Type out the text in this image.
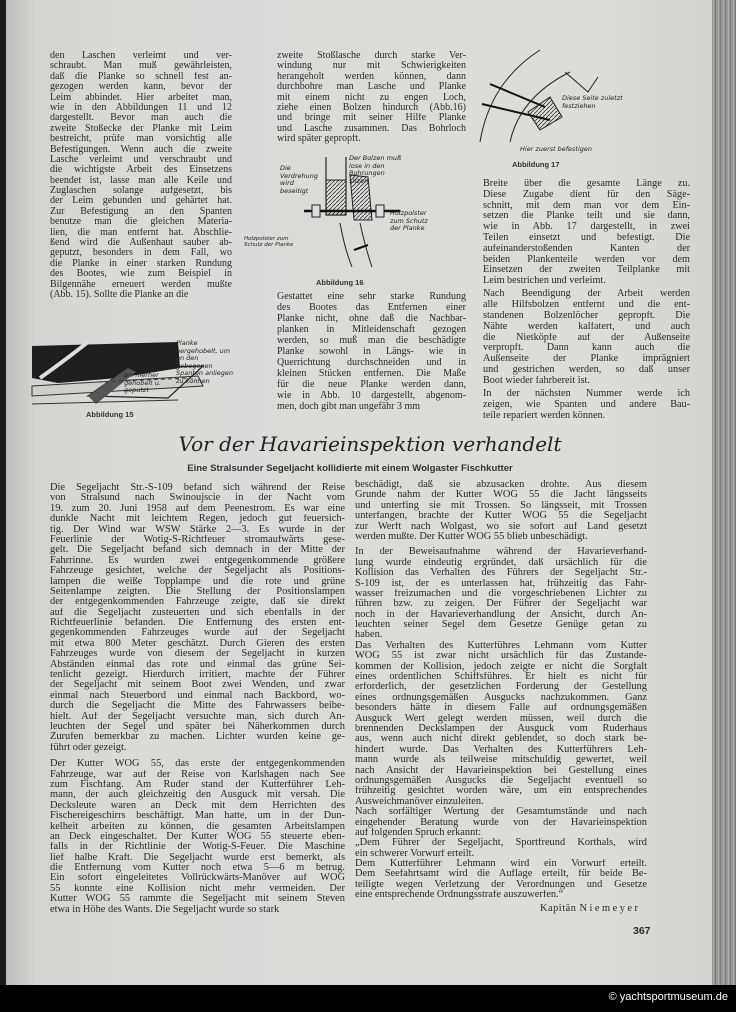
© yachtsportmuseum.de
den Laschen verleimt und ver-
schraubt. Man muß gewährleisten,
daß die Planke so schnell fest an-
gezogen werden kann, bevor der
Leim abbindet. Hier arbeitet man,
wie in den Abbildungen 11 und 12
dargestellt. Bevor man auch die
zweite Stoßecke der Planke mit Leim
bestreicht, prüfe man vorsichtig alle
Befestigungen. Wenn auch die zweite
Lasche verleimt und verschraubt und
die wichtigste Arbeit des Einsetzens
beendet ist, lasse man alle Keile und
Zuglaschen solange aufgesetzt, bis
der Leim gebunden und gehärtet hat.
Zur Befestigung an den Spanten
benutze man die gleichen Materia-
lien, die man entfernt hat. Abschlie-
ßend wird die Außenhaut sauber ab-
geputzt, besonders in dem Fall, wo
die Planke in einer starken Rundung
des Bootes, wie zum Beispiel in
Bilgennähe erneuert werden mußte
(Abb. 15). Sollte die Planke an die
zweite Stoßlasche durch starke Ver-
windung nur mit Schwierigkeiten
herangeholt werden können, dann
durchbohre man Lasche und Planke
mit einem nicht zu engen Loch,
ziehe einen Bolzen hindurch (Abb.16)
und bringe mit seiner Hilfe Planke
und Lasche zusammen. Das Bohrloch
wird später gepropft.
Gestattet eine sehr starke Rundung
des Bootes das Entfernen einer
Planke nicht, ohne daß die Nachbar-
planken in Mitleidenschaft gezogen
werden, so muß man die beschädigte
Planke sowohl in Längs- wie in
Querrichtung durchschneiden und in
kleinen Stücken entfernen. Die Maße
für die neue Planke werden dann,
wie in Abb. 10 dargestellt, abgenom-
men, doch gibt man ungefähr 3 mm
Breite über die gesamte Länge zu.
Diese Zugabe dient für den Säge-
schnitt, mit dem man vor dem Ein-
setzen die Planke teilt und sie dann,
wie in Abb. 17 dargestellt, in zwei
Teilen einsetzt und befestigt. Die
aufeinanderstoßenden Kanten der
beiden Plankenteile werden vor dem
Einsetzen der zweiten Teilplanke mit
Leim bestrichen und verleimt.
Nach Beendigung der Arbeit werden
alle Hilfsbolzen entfernt und die ent-
standenen Bolzenlöcher gepropft. Die
Nähte werden kalfatert, und auch
die Nietköpfe auf der Außenseite
verpropft. Dann kann auch die
Außenseite der Planke imprägniert
und gestrichen werden, so daß unser
Boot wieder fahrbereit ist.
In der nächsten Nummer werde ich
zeigen, wie Spanten und andere Bau-
teile repariert werden können.
Planke hergehobelt, um an den gebogenen Spanten anliegen zu können
bis hierher gehobelt u. geputzt
Abbildung 15
Die Verdrehung wird beseitigt
Der Bolzen muß lose in den Bohrungen sitzen
Holzpolster zum Schutz der Planke
Holzpolster zum Schutz der Planke
Abbildung 16
Diese Seite zuletzt festziehen
Hier zuerst befestigen
Abbildung 17
Vor der Havarieinspektion verhandelt
Eine Stralsunder Segeljacht kollidierte mit einem Wolgaster Fischkutter
Die Segeljacht Str.-S-109 befand sich während der Reise
von Stralsund nach Swinoujscie in der Nacht vom
19. zum 20. Juni 1958 auf dem Peenestrom. Es war eine
dunkle Nacht mit leichtem Regen, jedoch gut feuersich-
tig. Der Wind war WSW Stärke 2—3. Es wurde in der
Feuerlinie der Wotig-S-Richtfeuer stromaufwärts gese-
gelt. Die Segeljacht befand sich demnach in der Mitte der
Fahrrinne. Es wurden zwei entgegenkommende größere
Fahrzeuge gesichtet, welche der Segeljacht als Positions-
lampen die weiße Topplampe und die rote und grüne
Seitenlampe zeigten. Die Stellung der Positionslampen
der entgegenkommenden Fahrzeuge zeigte, daß sie direkt
auf die Segeljacht zusteuerten und sich ebenfalls in der
Richtfeuerlinie befanden. Die Entfernung des ersten ent-
gegenkommenden Fahrzeuges wurde auf der Segeljacht
mit etwa 800 Meter geschätzt. Durch Gieren des ersten
Fahrzeuges wurde von diesem der Segeljacht in kurzen
Abständen einmal das rote und einmal das grüne Sei-
tenlicht gezeigt. Hierdurch irritiert, machte der Führer
der Segeljacht mit seinem Boot zwei Wenden, und zwar
einmal nach Steuerbord und einmal nach Backbord, wo-
durch die Segeljacht die Mitte des Fahrwassers beibe-
hielt. Auf der Segeljacht versuchte man, sich durch An-
leuchten der Segel und später bei Näherkommen durch
Zurufen bemerkbar zu machen. Lichter wurden keine ge-
führt oder gezeigt.
Der Kutter WOG 55, das erste der entgegenkommenden
Fahrzeuge, war auf der Reise von Karlshagen nach See
zum Fischfang. Am Ruder stand der Kutterführer Leh-
mann, der auch gleichzeitig den Ausguck mit versah. Die
Decksleute waren an Deck mit dem Herrichten des
Fischereigeschirrs beschäftigt. Man hatte, um in der Dun-
kelheit arbeiten zu können, die gesamten Arbeitslampen
an Deck eingeschaltet. Der Kutter WOG 55 steuerte eben-
falls in der Richtlinie der Wotig-S-Feuer. Die Maschine
lief halbe Kraft. Die Segeljacht wurde erst bemerkt, als
die Entfernung vom Kutter noch etwa 5—6 m betrug.
Ein sofort eingeleitetes Vollrückwärts-Manöver auf WOG
55 konnte eine Kollision nicht mehr vermeiden. Der
Kutter WOG 55 rammte die Segeljacht mit seinem Steven
etwa in Höhe des Wants. Die Segeljacht wurde so stark
beschädigt, daß sie abzusacken drohte. Aus diesem
Grunde nahm der Kutter WOG 55 die Jacht längsseits
und unterfing sie mit Trossen. So längsseit, mit Trossen
unterfangen, brachte der Kutter WOG 55 die Segeljacht
zur Werft nach Wolgast, wo sie sofort auf Land gesetzt
werden mußte. Der Kutter WOG 55 blieb unbeschädigt.
In der Beweisaufnahme während der Havarieverhand-
lung wurde eindeutig ergründet, daß ursächlich für die
Kollision das Verhalten des Führers der Segeljacht Str.-
S-109 ist, der es unterlassen hat, frühzeitig das Fahr-
wasser freizumachen und die vorgeschriebenen Lichter zu
führen bzw. zu zeigen. Der Führer der Segeljacht war
noch in der Havarieverhandlung der Ansicht, durch An-
leuchten seiner Segel dem Gesetze Genüge getan zu
haben.
Das Verhalten des Kutterführes Lehmann vom Kutter
WOG 55 ist zwar nicht ursächlich für das Zustande-
kommen der Kollision, jedoch zeigte er nicht die Sorgfalt
eines ordentlichen Schiffsführes. Er hielt es nicht für
erforderlich, der gesetzlichen Forderung der Gestellung
eines ordnungsgemäßen Ausgucks nachzukommen. Ganz
besonders hätte in diesem Falle auf ordnungsgemäßen
Ausguck Wert gelegt werden müssen, weil durch die
brennenden Deckslampen der Ausguck vom Ruderhaus
aus, wenn auch nicht direkt geblendet, so doch stark be-
hindert wurde. Das Verhalten des Kutterführers Leh-
mann wurde als teilweise mitschuldig gewertet, weil
nach Ansicht der Havarieinspektion bei Gestellung eines
ordnungsgemäßen Ausgucks die Segeljacht eventuell so
frühzeitig gesichtet worden wäre, um ein entsprechendes
Ausweichmanöver einzuleiten.
Nach sorfältiger Wertung der Gesamtumstände und nach
eingehender Beratung wurde von der Havarieinspektion
auf folgenden Spruch erkannt:
„Dem Führer der Segeljacht, Sportfreund Korthals, wird
ein schwerer Vorwurf erteilt.
Dem Kutterführer Lehmann wird ein Vorwurf erteilt.
Dem Seefahrtsamt wird die Auflage erteilt, für beide Be-
teiligte wegen Verletzung der Verordnungen und Gesetze
eine entsprechende Ordnungsstrafe auszuwerfen.“
Kapitän Niemeyer
367
